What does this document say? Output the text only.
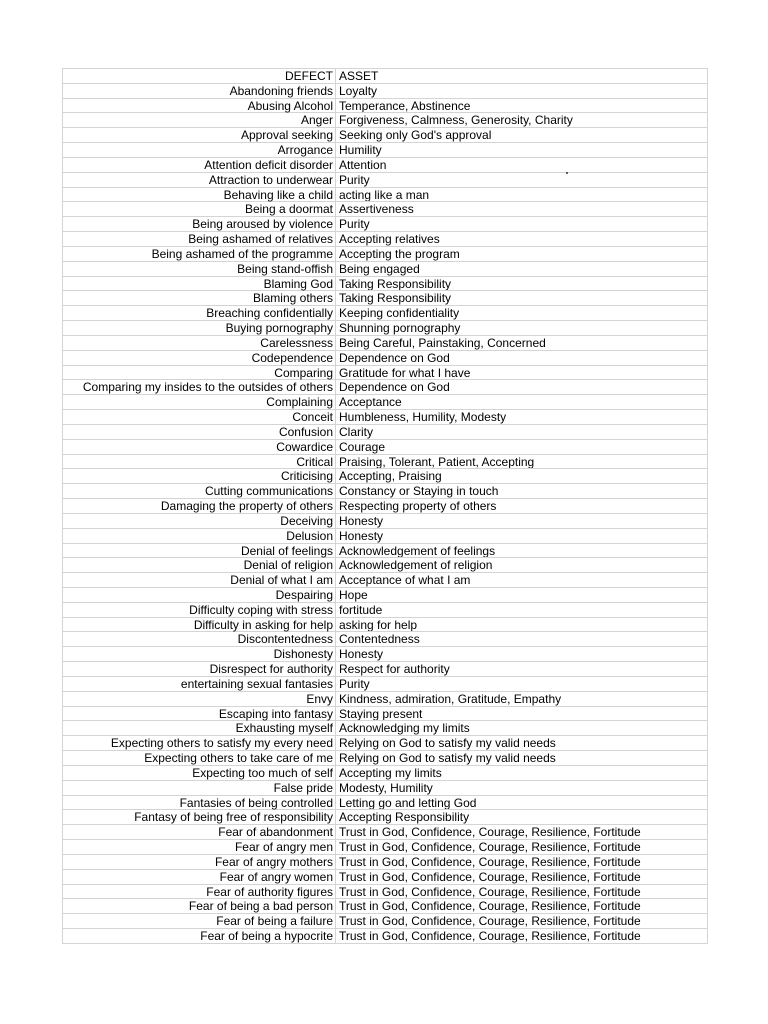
DEFECT ASSET
Abandoning friends Loyalty
Abusing Alcohol Temperance, Abstinence
Anger Forgiveness, Calmness, Generosity, Charity
Approval seeking Seeking only God's approval
Arrogance Humility
Attention deficit disorder Attention
Attraction to underwear Purity
Behaving like a child acting like a man
Being a doormat Assertiveness
Being aroused by violence Purity
Being ashamed of relatives Accepting relatives
Being ashamed of the programme Accepting the program
Being stand-offish Being engaged
Blaming God Taking Responsibility
Blaming others Taking Responsibility
Breaching confidentially Keeping confidentiality
Buying pornography Shunning pornography
Carelessness Being Careful, Painstaking, Concerned
Codependence Dependence on God
Comparing Gratitude for what I have
Comparing my insides to the outsides of others Dependence on God
Complaining Acceptance
Conceit Humbleness, Humility, Modesty
Confusion Clarity
Cowardice Courage
Critical Praising, Tolerant, Patient, Accepting
Criticising Accepting, Praising
Cutting communications Constancy or Staying in touch
Damaging the property of others Respecting property of others
Deceiving Honesty
Delusion Honesty
Denial of feelings Acknowledgement of feelings
Denial of religion Acknowledgement of religion
Denial of what I am Acceptance of what I am
Despairing Hope
Difficulty coping with stress fortitude
Difficulty in asking for help asking for help
Discontentedness Contentedness
Dishonesty Honesty
Disrespect for authority Respect for authority
entertaining sexual fantasies Purity
Envy Kindness, admiration, Gratitude, Empathy
Escaping into fantasy Staying present
Exhausting myself Acknowledging my limits
Expecting others to satisfy my every need Relying on God to satisfy my valid needs
Expecting others to take care of me Relying on God to satisfy my valid needs
Expecting too much of self Accepting my limits
False pride Modesty, Humility
Fantasies of being controlled Letting go and letting God
Fantasy of being free of responsibility Accepting Responsibility
Fear of abandonment Trust in God, Confidence, Courage, Resilience, Fortitude
Fear of angry men Trust in God, Confidence, Courage, Resilience, Fortitude
Fear of angry mothers Trust in God, Confidence, Courage, Resilience, Fortitude
Fear of angry women Trust in God, Confidence, Courage, Resilience, Fortitude
Fear of authority figures Trust in God, Confidence, Courage, Resilience, Fortitude
Fear of being a bad person Trust in God, Confidence, Courage, Resilience, Fortitude
Fear of being a failure Trust in God, Confidence, Courage, Resilience, Fortitude
Fear of being a hypocrite Trust in God, Confidence, Courage, Resilience, Fortitude
